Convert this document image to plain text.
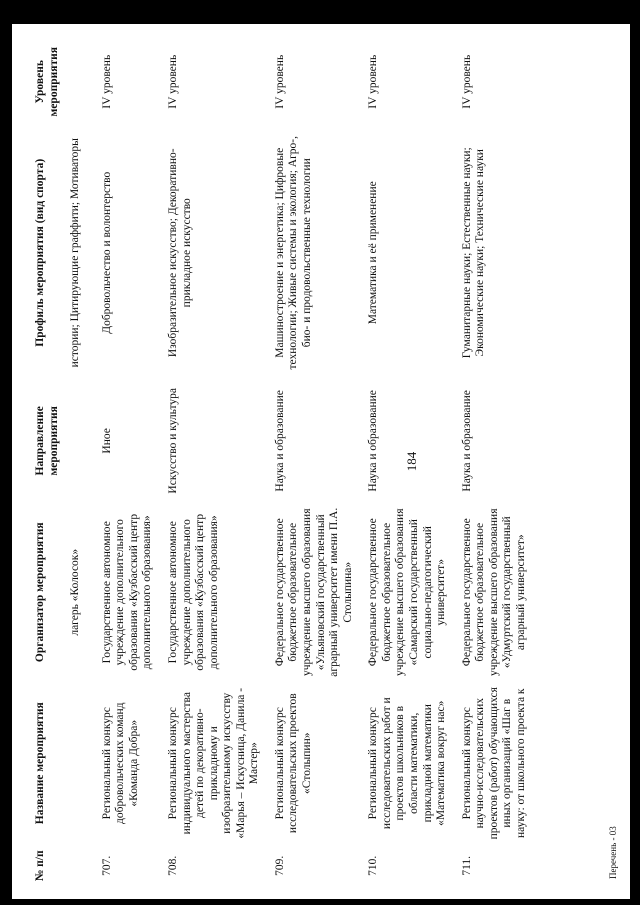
184
№ п/п	Название мероприятия	Организатор мероприятия	Направление мероприятия	Профиль мероприятия (вид спорта)	Уровень мероприятия
		лагерь «Колосок»		истории; Цитирующие граффити; Мотиваторы	
707.	Региональный конкурс добровольческих команд «Команда Добра»	Государственное автономное учреждение дополнительного образования «Кузбасский центр дополнительного образования»	Иное	Добровольчество и волонтерство	IV уровень
708.	Региональный конкурс индивидуального мастерства детей по декоративно-прикладному и изобразительному искусству «Марья – Искусница, Данила - Мастер»	Государственное автономное учреждение дополнительного образования «Кузбасский центр дополнительного образования»	Искусство и культура	Изобразительное искусство; Декоративно-прикладное искусство	IV уровень
709.	Региональный конкурс исследовательских проектов «Столыпин»	Федеральное государственное бюджетное образовательное учреждение высшего образования «Ульяновский государственный аграрный университет имени П.А. Столыпина»	Наука и образование	Машиностроение и энергетика; Цифровые технологии; Живые системы и экология; Агро-, био- и продовольственные технологии	IV уровень
710.	Региональный конкурс исследовательских работ и проектов школьников в области математики, прикладной математики «Математика вокруг нас»	Федеральное государственное бюджетное образовательное учреждение высшего образования «Самарский государственный социально-педагогический университет»	Наука и образование	Математика и её применение	IV уровень
711.	Региональный конкурс научно-исследовательских проектов (работ) обучающихся иных организаций «Шаг в науку: от школьного проекта к	Федеральное государственное бюджетное образовательное учреждение высшего образования «Удмуртский государственный аграрный университет»	Наука и образование	Гуманитарные науки; Естественные науки; Экономические науки; Технические науки	IV уровень
Перечень - 03
